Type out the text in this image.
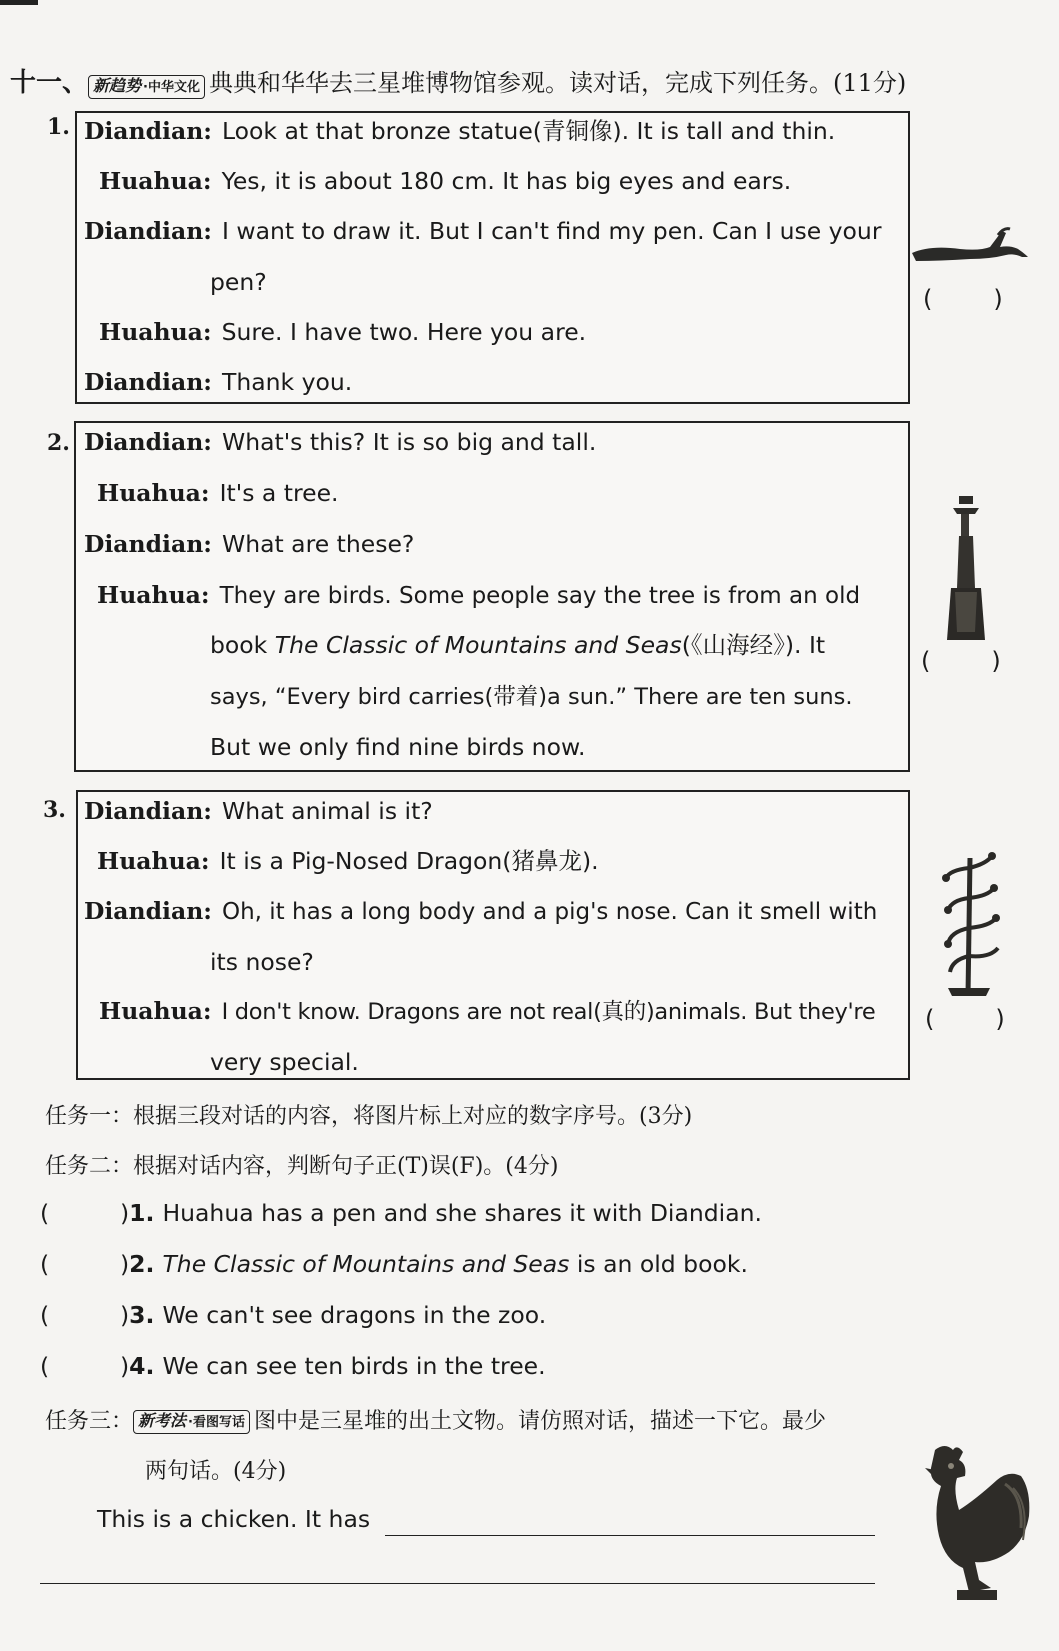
十一、 新趋势 ·中华文化 典典和华华去三星堆博物馆参观。读对话，完成下列任务。(11分)
1. Diandian: Look at that bronze statue(青铜像). It is tall and thin.
Huahua: Yes, it is about 180 cm. It has big eyes and ears.
Diandian: I want to draw it. But I can't find my pen. Can I use your
pen?
Huahua: Sure. I have two. Here you are.
Diandian: Thank you.
(        )
2. Diandian: What's this? It is so big and tall.
Huahua: It's a tree.
Diandian: What are these?
Huahua: They are birds. Some people say the tree is from an old
book The Classic of Mountains and Seas(《山海经》). It
says, “Every bird carries(带着)a sun.” There are ten suns.
But we only find nine birds now.
(        )
3. Diandian: What animal is it?
Huahua: It is a Pig-Nosed Dragon(猪鼻龙).
Diandian: Oh, it has a long body and a pig's nose. Can it smell with
its nose?
Huahua: I don't know. Dragons are not real(真的)animals. But they're
very special.
(        )
任务一：根据三段对话的内容，将图片标上对应的数字序号。(3分)
任务二：根据对话内容，判断句子正(T)误(F)。(4分)
(	)1. Huahua has a pen and she shares it with Diandian.
(	)2. The Classic of Mountains and Seas is an old book.
(	)3. We can't see dragons in the zoo.
(	)4. We can see ten birds in the tree.
任务三： 新考法 ·看图写话 图中是三星堆的出土文物。请仿照对话，描述一下它。最少
两句话。(4分)
This is a chicken. It has
